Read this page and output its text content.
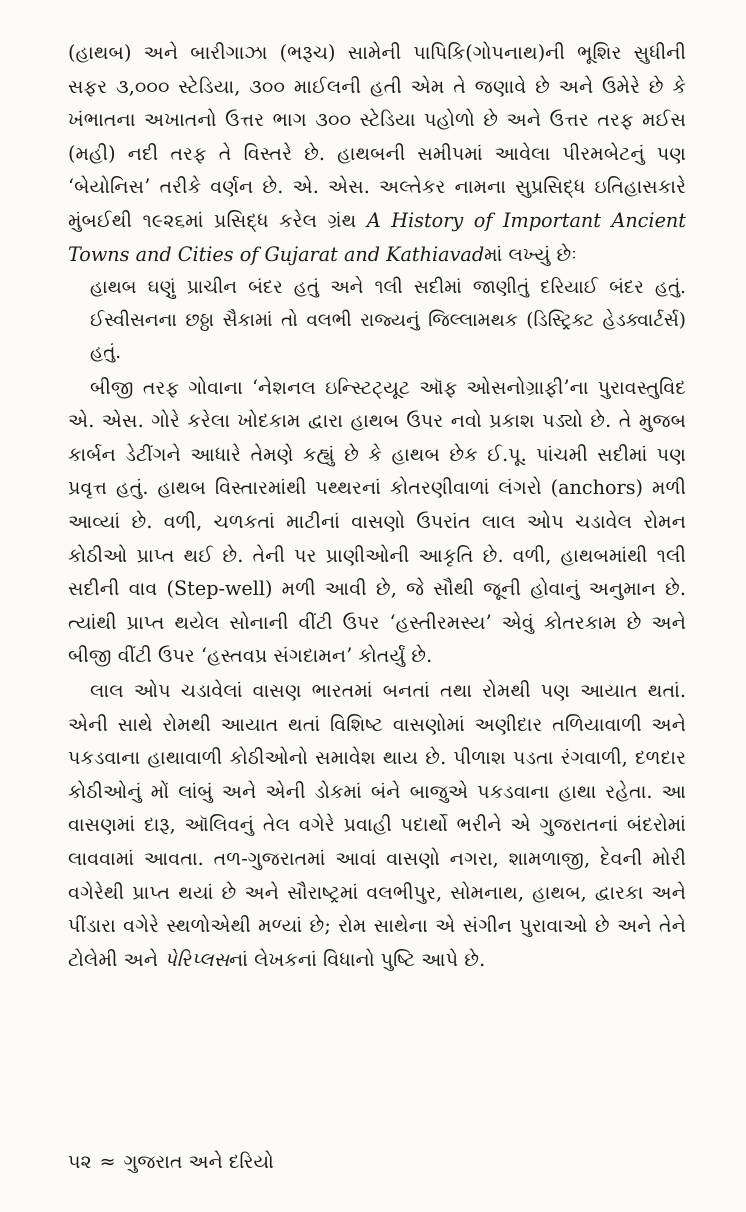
(હાથબ) અને બારીગાઝા (ભરૂચ) સામેની પાપિકિ(ગોપનાથ)ની ભૂશિર સુધીની સફર ૩,૦૦૦ સ્ટેડિયા, ૩૦૦ માઈલની હતી એમ તે જણાવે છે અને ઉમેરે છે કે ખંભાતના અખાતનો ઉત્તર ભાગ ૩૦૦ સ્ટેડિયા પહોળો છે અને ઉત્તર તરફ મઈસ (મહી) નદી તરફ તે વિસ્તરે છે. હાથબની સમીપમાં આવેલા પીરમબેટનું પણ ‘બેયોનિસ’ તરીકે વર્ણન છે. એ. એસ. અલ્તેકર નામના સુપ્રસિદ્ધ ઇતિહાસકારે મુંબઈથી ૧૯૨૬માં પ્રસિદ્ધ કરેલ ગ્રંથ A History of Important Ancient Towns and Cities of Gujarat and Kathiavadમાં લખ્યું છેઃ

હાથબ ઘણું પ્રાચીન બંદર હતું અને ૧લી સદીમાં જાણીતું દરિયાઈ બંદર હતું. ઈસ્વીસનના છઠ્ઠા સૈકામાં તો વલભી રાજ્યનું જિલ્લામથક (ડિસ્ટ્રિક્ટ હેડક્વાર્ટર્સ) હતું.

બીજી તરફ ગોવાના ‘નેશનલ ઇન્સ્ટિટ્યૂટ ઑફ ઓસનોગ્રાફી’ના પુરાવસ્તુવિદ એ. એસ. ગોરે કરેલા ખોદકામ દ્વારા હાથબ ઉપર નવો પ્રકાશ પડ્યો છે. તે મુજબ કાર્બન ડેટીંગને આધારે તેમણે કહ્યું છે કે હાથબ છેક ઈ.પૂ. પાંચમી સદીમાં પણ પ્રવૃત્ત હતું. હાથબ વિસ્તારમાંથી પથ્થરનાં કોતરણીવાળાં લંગરો (anchors) મળી આવ્યાં છે. વળી, ચળકતાં માટીનાં વાસણો ઉપરાંત લાલ ઓપ ચડાવેલ રોમન કોઠીઓ પ્રાપ્ત થઈ છે. તેની પર પ્રાણીઓની આકૃતિ છે. વળી, હાથબમાંથી ૧લી સદીની વાવ (Step-well) મળી આવી છે, જે સૌથી જૂની હોવાનું અનુમાન છે. ત્યાંથી પ્રાપ્ત થયેલ સોનાની વીંટી ઉપર ‘હસ્તીરમસ્ય’ એવું કોતરકામ છે અને બીજી વીંટી ઉપર ‘હસ્તવપ્ર સંગદામન’ કોતર્યું છે.

લાલ ઓપ ચડાવેલાં વાસણ ભારતમાં બનતાં તથા રોમથી પણ આયાત થતાં. એની સાથે રોમથી આયાત થતાં વિશિષ્ટ વાસણોમાં અણીદાર તળિયાવાળી અને પકડવાના હાથાવાળી કોઠીઓનો સમાવેશ થાય છે. પીળાશ પડતા રંગવાળી, દળદાર કોઠીઓનું મોં લાંબું અને એની ડોકમાં બંને બાજુએ પકડવાના હાથા રહેતા. આ વાસણમાં દારૂ, ઑલિવનું તેલ વગેરે પ્રવાહી પદાર્થો ભરીને એ ગુજરાતનાં બંદરોમાં લાવવામાં આવતા. તળ-ગુજરાતમાં આવાં વાસણો નગરા, શામળાજી, દેવની મોરી વગેરેથી પ્રાપ્ત થયાં છે અને સૌરાષ્ટ્રમાં વલભીપુર, સોમનાથ, હાથબ, દ્વારકા અને પીંડારા વગેરે સ્થળોએથી મળ્યાં છે; રોમ સાથેના એ સંગીન પુરાવાઓ છે અને તેને ટોલેમી અને પેરિપ્લસનાં લેખકનાં વિધાનો પુષ્ટિ આપે છે.

૫૨ ≈ ગુજરાત અને દરિયો
